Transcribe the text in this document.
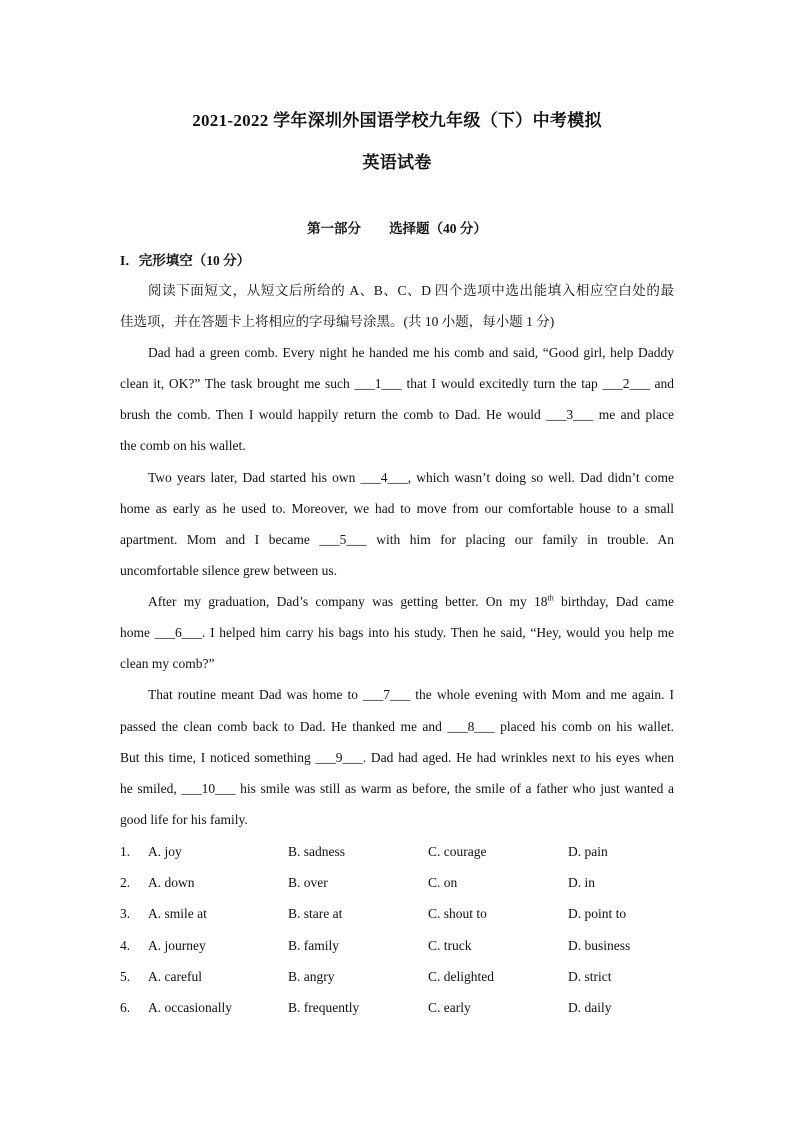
2021-2022 学年深圳外国语学校九年级（下）中考模拟
英语试卷
第一部分 选择题（40 分）
I．完形填空（10 分）
阅读下面短文，从短文后所给的 A、B、C、D 四个选项中选出能填入相应空白处的最
佳选项，并在答题卡上将相应的字母编号涂黑。(共 10 小题，每小题 1 分)
Dad had a green comb. Every night he handed me his comb and said, “Good girl, help Daddy
clean it, OK?” The task brought me such ___1___ that I would excitedly turn the tap ___2___ and
brush the comb. Then I would happily return the comb to Dad. He would ___3___ me and place
the comb on his wallet.
Two years later, Dad started his own ___4___, which wasn’t doing so well. Dad didn’t come
home as early as he used to. Moreover, we had to move from our comfortable house to a small
apartment. Mom and I became ___5___ with him for placing our family in trouble. An
uncomfortable silence grew between us.
After my graduation, Dad’s company was getting better. On my 18th birthday, Dad came
home ___6___. I helped him carry his bags into his study. Then he said, “Hey, would you help me
clean my comb?”
That routine meant Dad was home to ___7___ the whole evening with Mom and me again. I
passed the clean comb back to Dad. He thanked me and ___8___ placed his comb on his wallet.
But this time, I noticed something ___9___. Dad had aged. He had wrinkles next to his eyes when
he smiled, ___10___ his smile was still as warm as before, the smile of a father who just wanted a
good life for his family.
1. A. joy	B. sadness	C. courage	D. pain
2. A. down	B. over	C. on	D. in
3. A. smile at	B. stare at	C. shout to	D. point to
4. A. journey	B. family	C. truck	D. business
5. A. careful	B. angry	C. delighted	D. strict
6. A. occasionally	B. frequently	C. early	D. daily
